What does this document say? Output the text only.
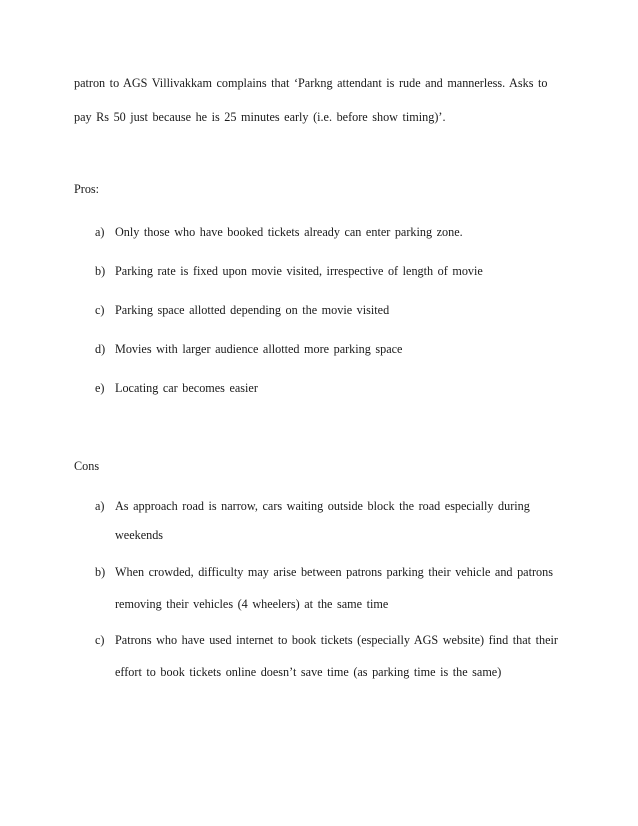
patron to AGS Villivakkam complains that ‘Parkng attendant is rude and mannerless. Asks to
pay Rs 50 just because he is 25 minutes early (i.e. before show timing)’.
Pros:
a) Only those who have booked tickets already can enter parking zone.
b) Parking rate is fixed upon movie visited, irrespective of length of movie
c) Parking space allotted depending on the movie visited
d) Movies with larger audience allotted more parking space
e) Locating car becomes easier
Cons
a) As approach road is narrow, cars waiting outside block the road especially during
weekends
b) When crowded, difficulty may arise between patrons parking their vehicle and patrons
removing their vehicles (4 wheelers) at the same time
c) Patrons who have used internet to book tickets (especially AGS website) find that their
effort to book tickets online doesn’t save time (as parking time is the same)
